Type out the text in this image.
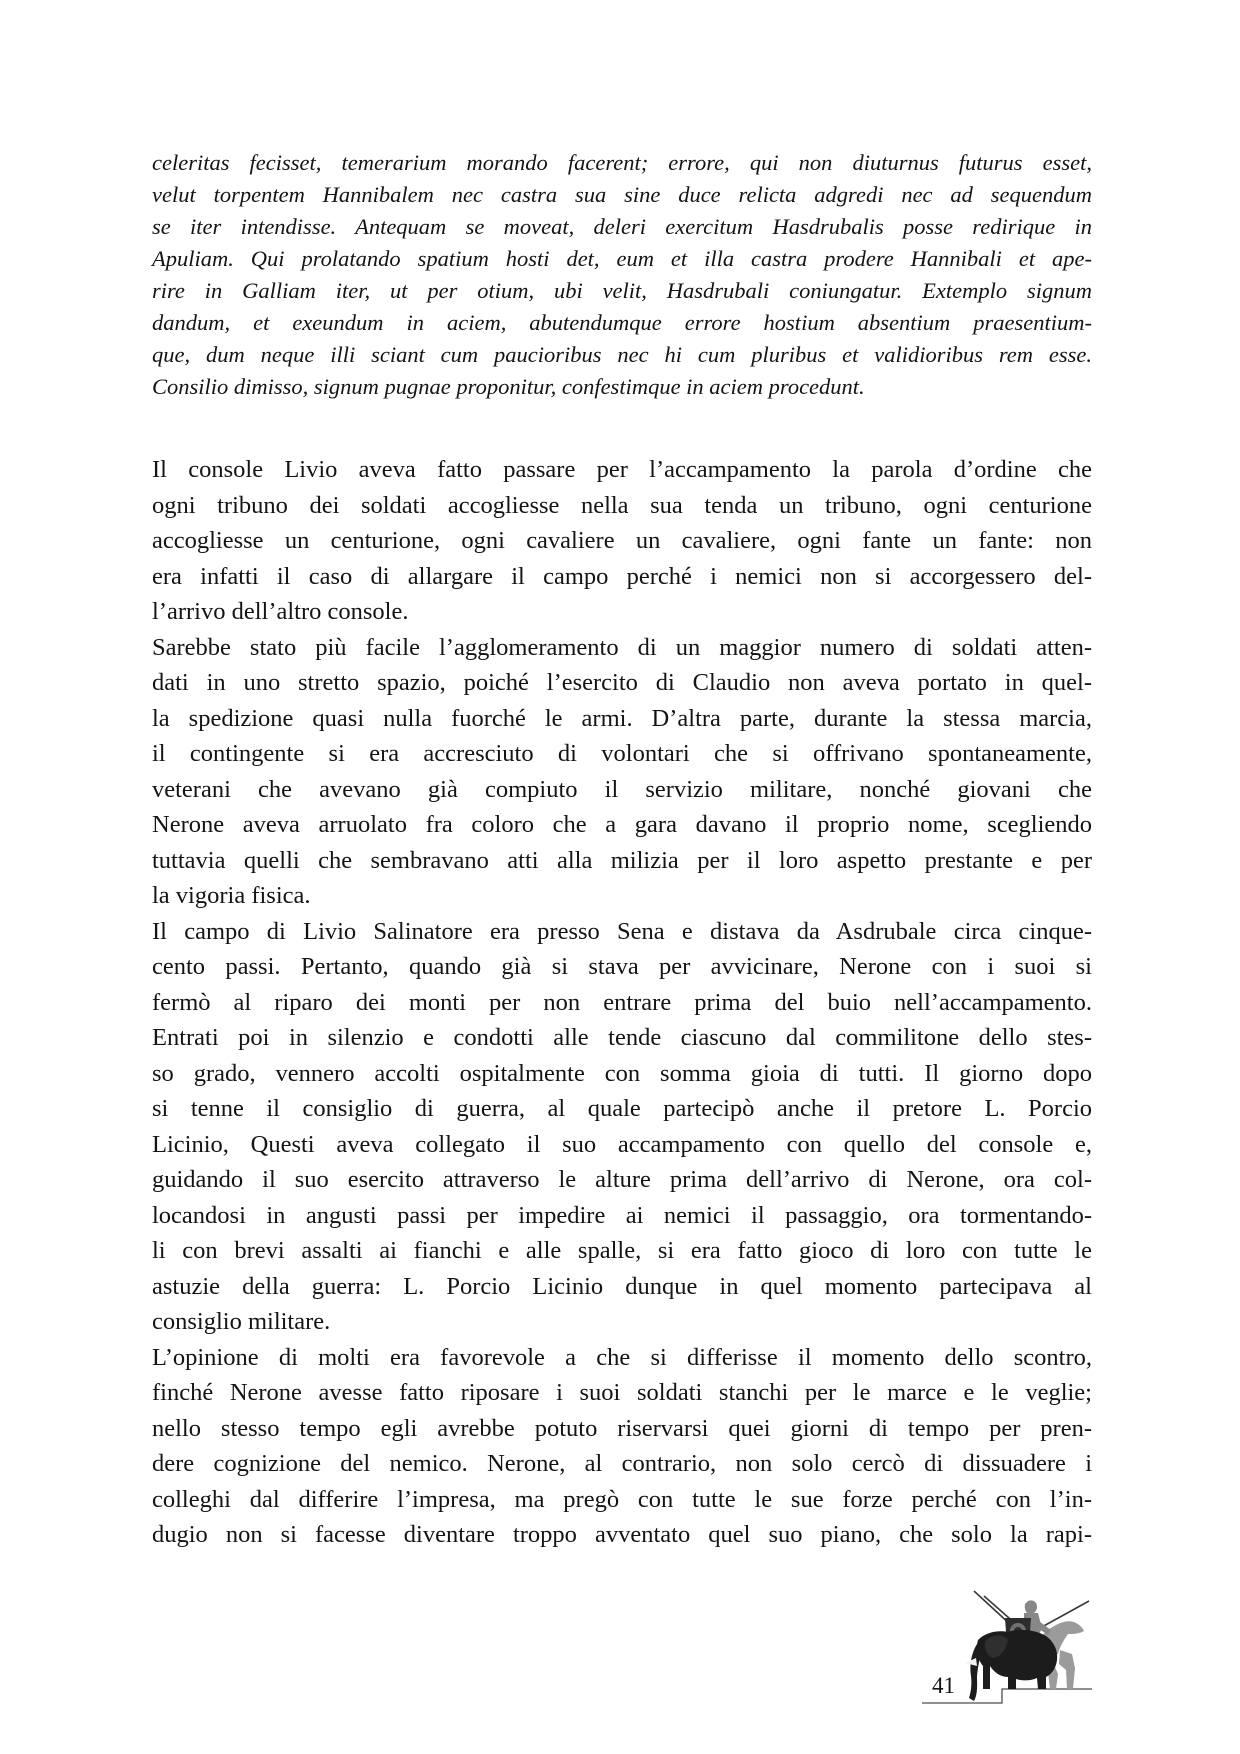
celeritas fecisset, temerarium morando facerent; errore, qui non diuturnus futurus esset,
velut torpentem Hannibalem nec castra sua sine duce relicta adgredi nec ad sequendum
se iter intendisse. Antequam se moveat, deleri exercitum Hasdrubalis posse redirique in
Apuliam. Qui prolatando spatium hosti det, eum et illa castra prodere Hannibali et ape-
rire in Galliam iter, ut per otium, ubi velit, Hasdrubali coniungatur. Extemplo signum
dandum, et exeundum in aciem, abutendumque errore hostium absentium praesentium-
que, dum neque illi sciant cum paucioribus nec hi cum pluribus et validioribus rem esse.
Consilio dimisso, signum pugnae proponitur, confestimque in aciem procedunt.
Il console Livio aveva fatto passare per l’accampamento la parola d’ordine che
ogni tribuno dei soldati accogliesse nella sua tenda un tribuno, ogni centurione
accogliesse un centurione, ogni cavaliere un cavaliere, ogni fante un fante: non
era infatti il caso di allargare il campo perché i nemici non si accorgessero del-
l’arrivo dell’altro console.
Sarebbe stato più facile l’agglomeramento di un maggior numero di soldati atten-
dati in uno stretto spazio, poiché l’esercito di Claudio non aveva portato in quel-
la spedizione quasi nulla fuorché le armi. D’altra parte, durante la stessa marcia,
il contingente si era accresciuto di volontari che si offrivano spontaneamente,
veterani che avevano già compiuto il servizio militare, nonché giovani che
Nerone aveva arruolato fra coloro che a gara davano il proprio nome, scegliendo
tuttavia quelli che sembravano atti alla milizia per il loro aspetto prestante e per
la vigoria fisica.
Il campo di Livio Salinatore era presso Sena e distava da Asdrubale circa cinque-
cento passi. Pertanto, quando già si stava per avvicinare, Nerone con i suoi si
fermò al riparo dei monti per non entrare prima del buio nell’accampamento.
Entrati poi in silenzio e condotti alle tende ciascuno dal commilitone dello stes-
so grado, vennero accolti ospitalmente con somma gioia di tutti. Il giorno dopo
si tenne il consiglio di guerra, al quale partecipò anche il pretore L. Porcio
Licinio, Questi aveva collegato il suo accampamento con quello del console e,
guidando il suo esercito attraverso le alture prima dell’arrivo di Nerone, ora col-
locandosi in angusti passi per impedire ai nemici il passaggio, ora tormentando-
li con brevi assalti ai fianchi e alle spalle, si era fatto gioco di loro con tutte le
astuzie della guerra: L. Porcio Licinio dunque in quel momento partecipava al
consiglio militare.
L’opinione di molti era favorevole a che si differisse il momento dello scontro,
finché Nerone avesse fatto riposare i suoi soldati stanchi per le marce e le veglie;
nello stesso tempo egli avrebbe potuto riservarsi quei giorni di tempo per pren-
dere cognizione del nemico. Nerone, al contrario, non solo cercò di dissuadere i
colleghi dal differire l’impresa, ma pregò con tutte le sue forze perché con l’in-
dugio non si facesse diventare troppo avventato quel suo piano, che solo la rapi-
41
